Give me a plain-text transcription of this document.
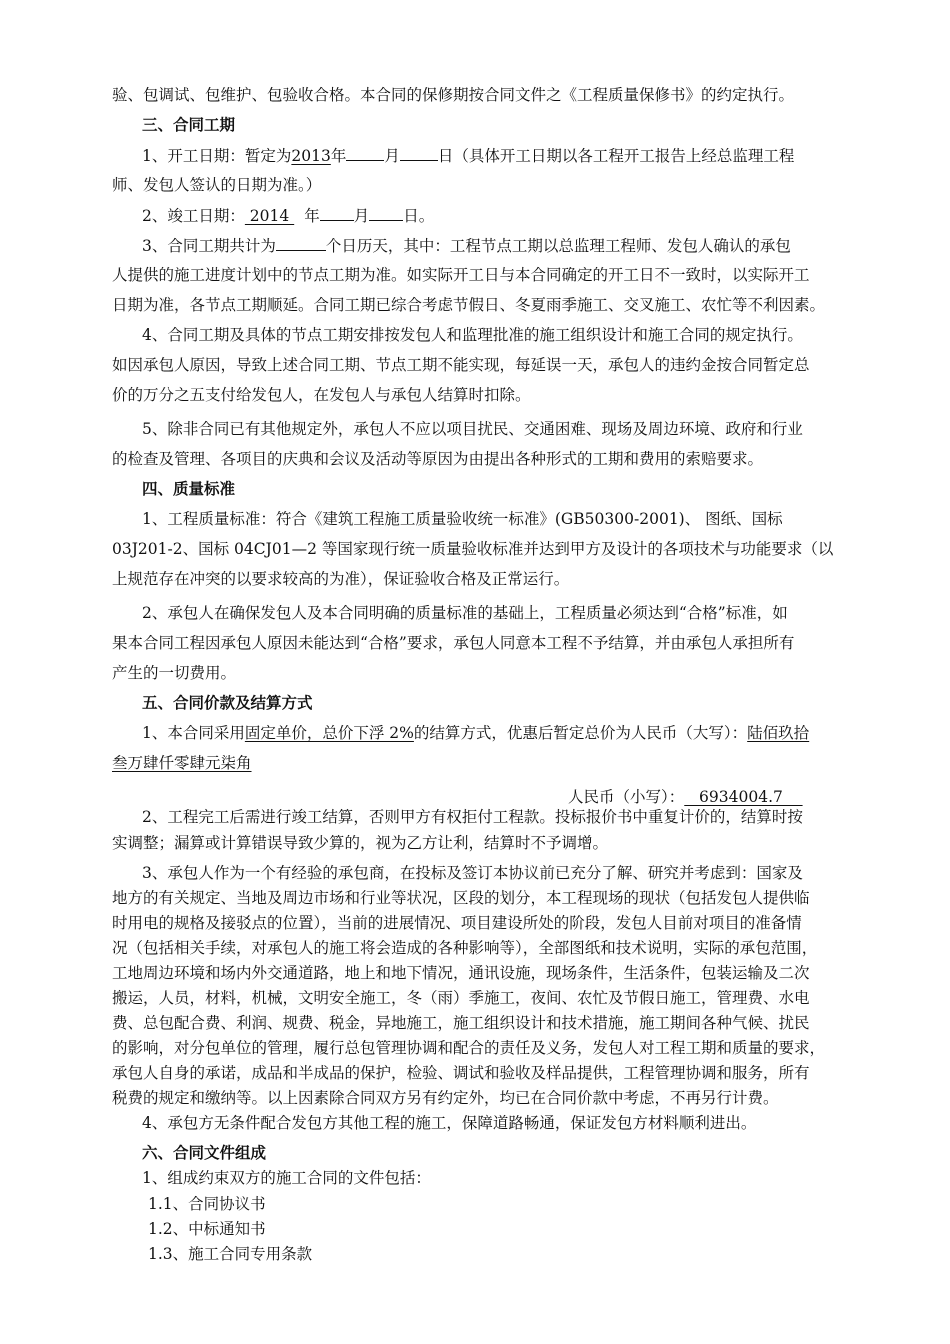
验、包调试、包维护、包验收合格。本合同的保修期按合同文件之《工程质量保修书》的约定执行。
三、合同工期
1、开工日期：暂定为2013年 月 日（具体开工日期以各工程开工报告上经总监理工程
师、发包人签认的日期为准。）
2、竣工日期： 2014 年 月 日。
3、合同工期共计为	个日历天，其中：工程节点工期以总监理工程师、发包人确认的承包
人提供的施工进度计划中的节点工期为准。如实际开工日与本合同确定的开工日不一致时，以实际开工
日期为准，各节点工期顺延。合同工期已综合考虑节假日、冬夏雨季施工、交叉施工、农忙等不利因素。
4、合同工期及具体的节点工期安排按发包人和监理批准的施工组织设计和施工合同的规定执行。
如因承包人原因，导致上述合同工期、节点工期不能实现，每延误一天，承包人的违约金按合同暂定总
价的万分之五支付给发包人，在发包人与承包人结算时扣除。
5、除非合同已有其他规定外，承包人不应以项目扰民、交通困难、现场及周边环境、政府和行业
的检查及管理、各项目的庆典和会议及活动等原因为由提出各种形式的工期和费用的索赔要求。
四、质量标准
1、工程质量标准：符合《建筑工程施工质量验收统一标准》(GB50300-2001)、 图纸、国标
03J201-2、国标 04CJ01—2 等国家现行统一质量验收标准并达到甲方及设计的各项技术与功能要求（以
上规范存在冲突的以要求较高的为准），保证验收合格及正常运行。
2、承包人在确保发包人及本合同明确的质量标准的基础上，工程质量必须达到“合格”标准，如
果本合同工程因承包人原因未能达到“合格”要求，承包人同意本工程不予结算，并由承包人承担所有
产生的一切费用。
五、合同价款及结算方式
1、本合同采用固定单价，总价下浮 2%的结算方式，优惠后暂定总价为人民币（大写）：陆佰玖拾
叁万肆仟零肆元柒角
人民币（小写）：   6934004.7
2、工程完工后需进行竣工结算，否则甲方有权拒付工程款。投标报价书中重复计价的，结算时按
实调整；漏算或计算错误导致少算的，视为乙方让利，结算时不予调增。
3、承包人作为一个有经验的承包商，在投标及签订本协议前已充分了解、研究并考虑到：国家及
地方的有关规定、当地及周边市场和行业等状况，区段的划分，本工程现场的现状（包括发包人提供临
时用电的规格及接驳点的位置），当前的进展情况、项目建设所处的阶段，发包人目前对项目的准备情
况（包括相关手续，对承包人的施工将会造成的各种影响等），全部图纸和技术说明，实际的承包范围，
工地周边环境和场内外交通道路，地上和地下情况，通讯设施，现场条件，生活条件，包装运输及二次
搬运，人员，材料，机械，文明安全施工，冬（雨）季施工，夜间、农忙及节假日施工，管理费、水电
费、总包配合费、利润、规费、税金，异地施工，施工组织设计和技术措施，施工期间各种气候、扰民
的影响，对分包单位的管理，履行总包管理协调和配合的责任及义务，发包人对工程工期和质量的要求，
承包人自身的承诺，成品和半成品的保护，检验、调试和验收及样品提供，工程管理协调和服务，所有
税费的规定和缴纳等。以上因素除合同双方另有约定外，均已在合同价款中考虑，不再另行计费。
4、承包方无条件配合发包方其他工程的施工，保障道路畅通，保证发包方材料顺利进出。
六、合同文件组成
1、组成约束双方的施工合同的文件包括：
1.1、合同协议书
1.2、中标通知书
1.3、施工合同专用条款
